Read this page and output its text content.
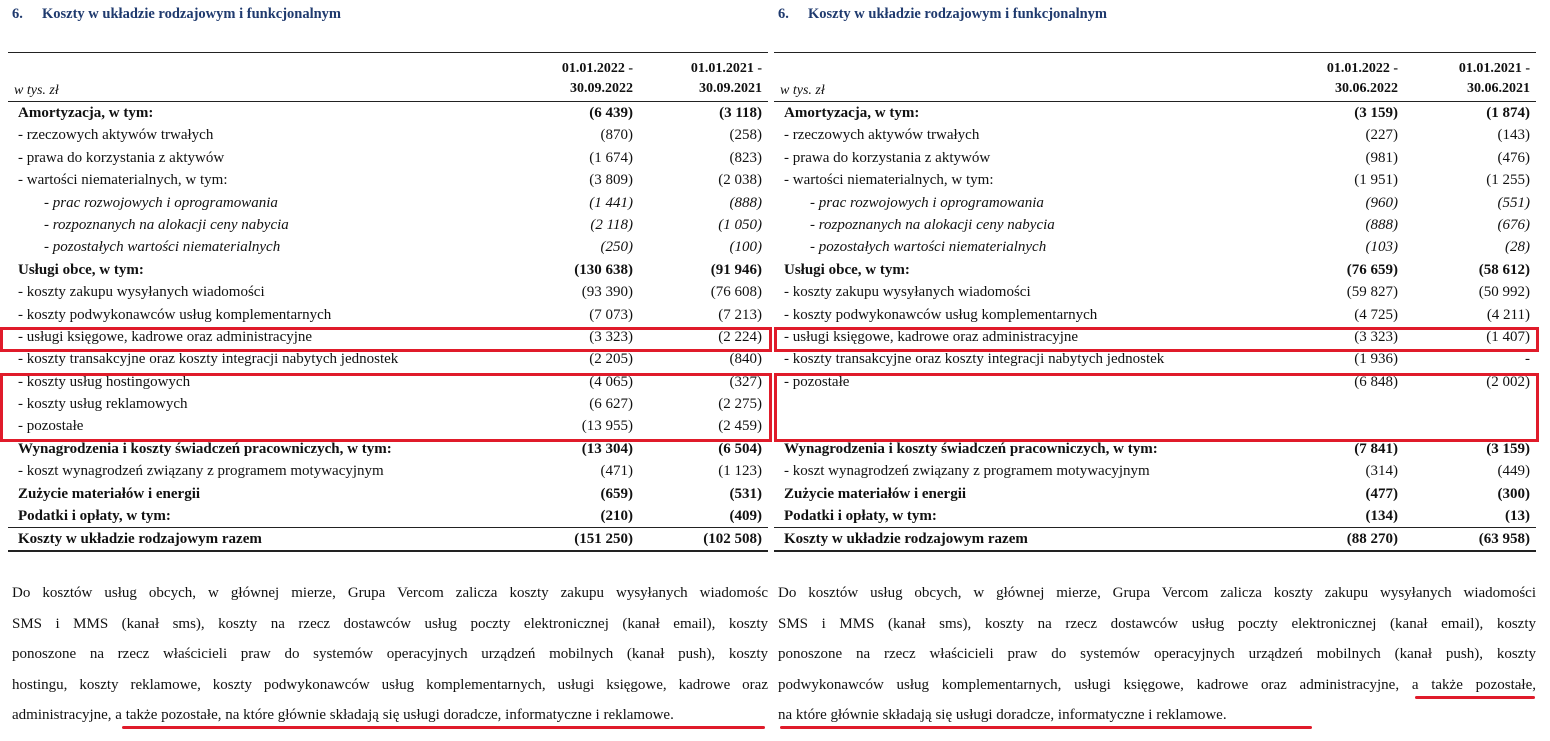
6. Koszty w układzie rodzajowym i funkcjonalnym
w tys. zł
01.01.2022 -
30.09.2022
01.01.2021 -
30.09.2021
Amortyzacja, w tym:	(6 439)	(3 118)
- rzeczowych aktywów trwałych	(870)	(258)
- prawa do korzystania z aktywów	(1 674)	(823)
- wartości niematerialnych, w tym:	(3 809)	(2 038)
- prac rozwojowych i oprogramowania	(1 441)	(888)
- rozpoznanych na alokacji ceny nabycia	(2 118)	(1 050)
- pozostałych wartości niematerialnych	(250)	(100)
Usługi obce, w tym:	(130 638)	(91 946)
- koszty zakupu wysyłanych wiadomości	(93 390)	(76 608)
- koszty podwykonawców usług komplementarnych	(7 073)	(7 213)
- usługi księgowe, kadrowe oraz administracyjne	(3 323)	(2 224)
- koszty transakcyjne oraz koszty integracji nabytych jednostek	(2 205)	(840)
- koszty usług hostingowych	(4 065)	(327)
- koszty usług reklamowych	(6 627)	(2 275)
- pozostałe	(13 955)	(2 459)
Wynagrodzenia i koszty świadczeń pracowniczych, w tym:	(13 304)	(6 504)
- koszt wynagrodzeń związany z programem motywacyjnym	(471)	(1 123)
Zużycie materiałów i energii	(659)	(531)
Podatki i opłaty, w tym:	(210)	(409)
Koszty w układzie rodzajowym razem	(151 250)	(102 508)
Do kosztów usług obcych, w głównej mierze, Grupa Vercom zalicza koszty zakupu wysyłanych wiadomośc
SMS i MMS (kanał sms), koszty na rzecz dostawców usług poczty elektronicznej (kanał email), koszty
ponoszone na rzecz właścicieli praw do systemów operacyjnych urządzeń mobilnych (kanał push), koszty
hostingu, koszty reklamowe, koszty podwykonawców usług komplementarnych, usługi księgowe, kadrowe oraz
administracyjne, a także pozostałe, na które głównie składają się usługi doradcze, informatyczne i reklamowe.
6. Koszty w układzie rodzajowym i funkcjonalnym
w tys. zł
01.01.2022 -
30.06.2022
01.01.2021 -
30.06.2021
Amortyzacja, w tym:	(3 159)	(1 874)
- rzeczowych aktywów trwałych	(227)	(143)
- prawa do korzystania z aktywów	(981)	(476)
- wartości niematerialnych, w tym:	(1 951)	(1 255)
- prac rozwojowych i oprogramowania	(960)	(551)
- rozpoznanych na alokacji ceny nabycia	(888)	(676)
- pozostałych wartości niematerialnych	(103)	(28)
Usługi obce, w tym:	(76 659)	(58 612)
- koszty zakupu wysyłanych wiadomości	(59 827)	(50 992)
- koszty podwykonawców usług komplementarnych	(4 725)	(4 211)
- usługi księgowe, kadrowe oraz administracyjne	(3 323)	(1 407)
- koszty transakcyjne oraz koszty integracji nabytych jednostek	(1 936)	-
- pozostałe	(6 848)	(2 002)
Wynagrodzenia i koszty świadczeń pracowniczych, w tym:	(7 841)	(3 159)
- koszt wynagrodzeń związany z programem motywacyjnym	(314)	(449)
Zużycie materiałów i energii	(477)	(300)
Podatki i opłaty, w tym:	(134)	(13)
Koszty w układzie rodzajowym razem	(88 270)	(63 958)
Do kosztów usług obcych, w głównej mierze, Grupa Vercom zalicza koszty zakupu wysyłanych wiadomości
SMS i MMS (kanał sms), koszty na rzecz dostawców usług poczty elektronicznej (kanał email), koszty
ponoszone na rzecz właścicieli praw do systemów operacyjnych urządzeń mobilnych (kanał push), koszty
podwykonawców usług komplementarnych, usługi księgowe, kadrowe oraz administracyjne, a także pozostałe,
na które głównie składają się usługi doradcze, informatyczne i reklamowe.
